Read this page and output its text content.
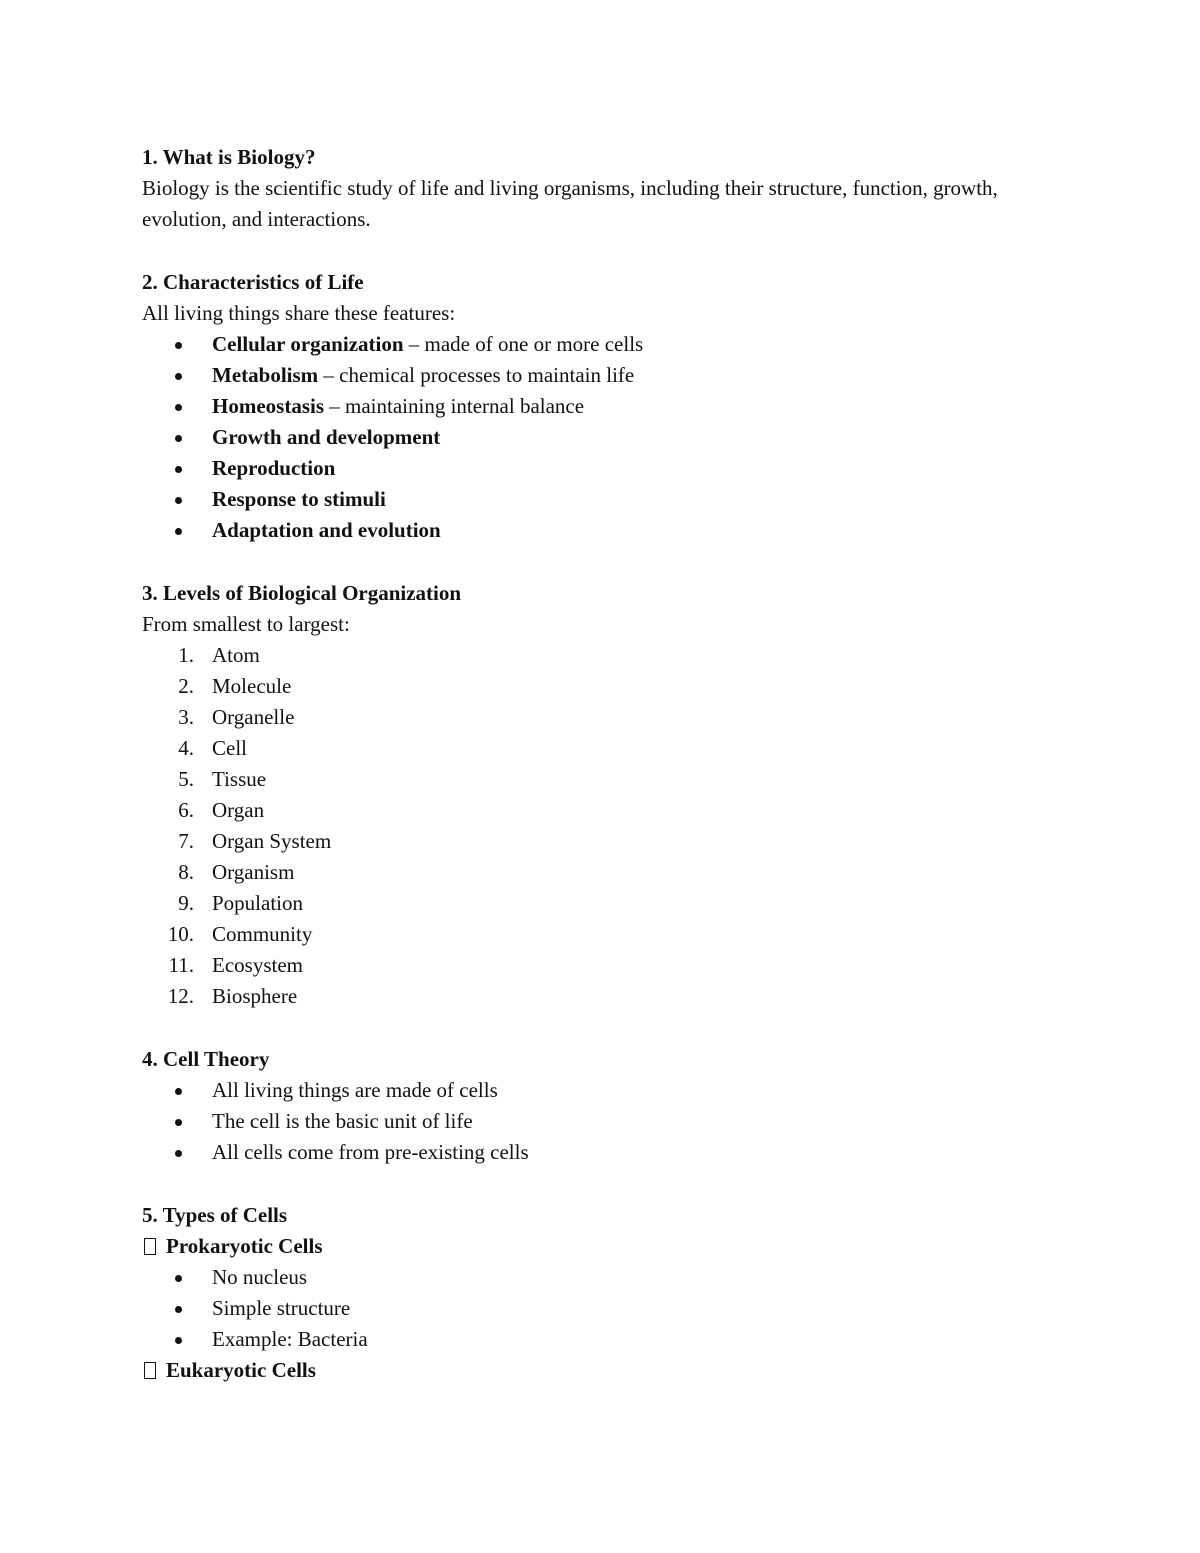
1. What is Biology?

Biology is the scientific study of life and living organisms, including their structure, function, growth, evolution, and interactions.

2. Characteristics of Life

All living things share these features:

Cellular organization – made of one or more cells
Metabolism – chemical processes to maintain life
Homeostasis – maintaining internal balance
Growth and development
Reproduction
Response to stimuli
Adaptation and evolution

3. Levels of Biological Organization

From smallest to largest:

1. Atom
2. Molecule
3. Organelle
4. Cell
5. Tissue
6. Organ
7. Organ System
8. Organism
9. Population
10. Community
11. Ecosystem
12. Biosphere

4. Cell Theory

All living things are made of cells
The cell is the basic unit of life
All cells come from pre-existing cells

5. Types of Cells

Prokaryotic Cells

No nucleus
Simple structure
Example: Bacteria

Eukaryotic Cells
